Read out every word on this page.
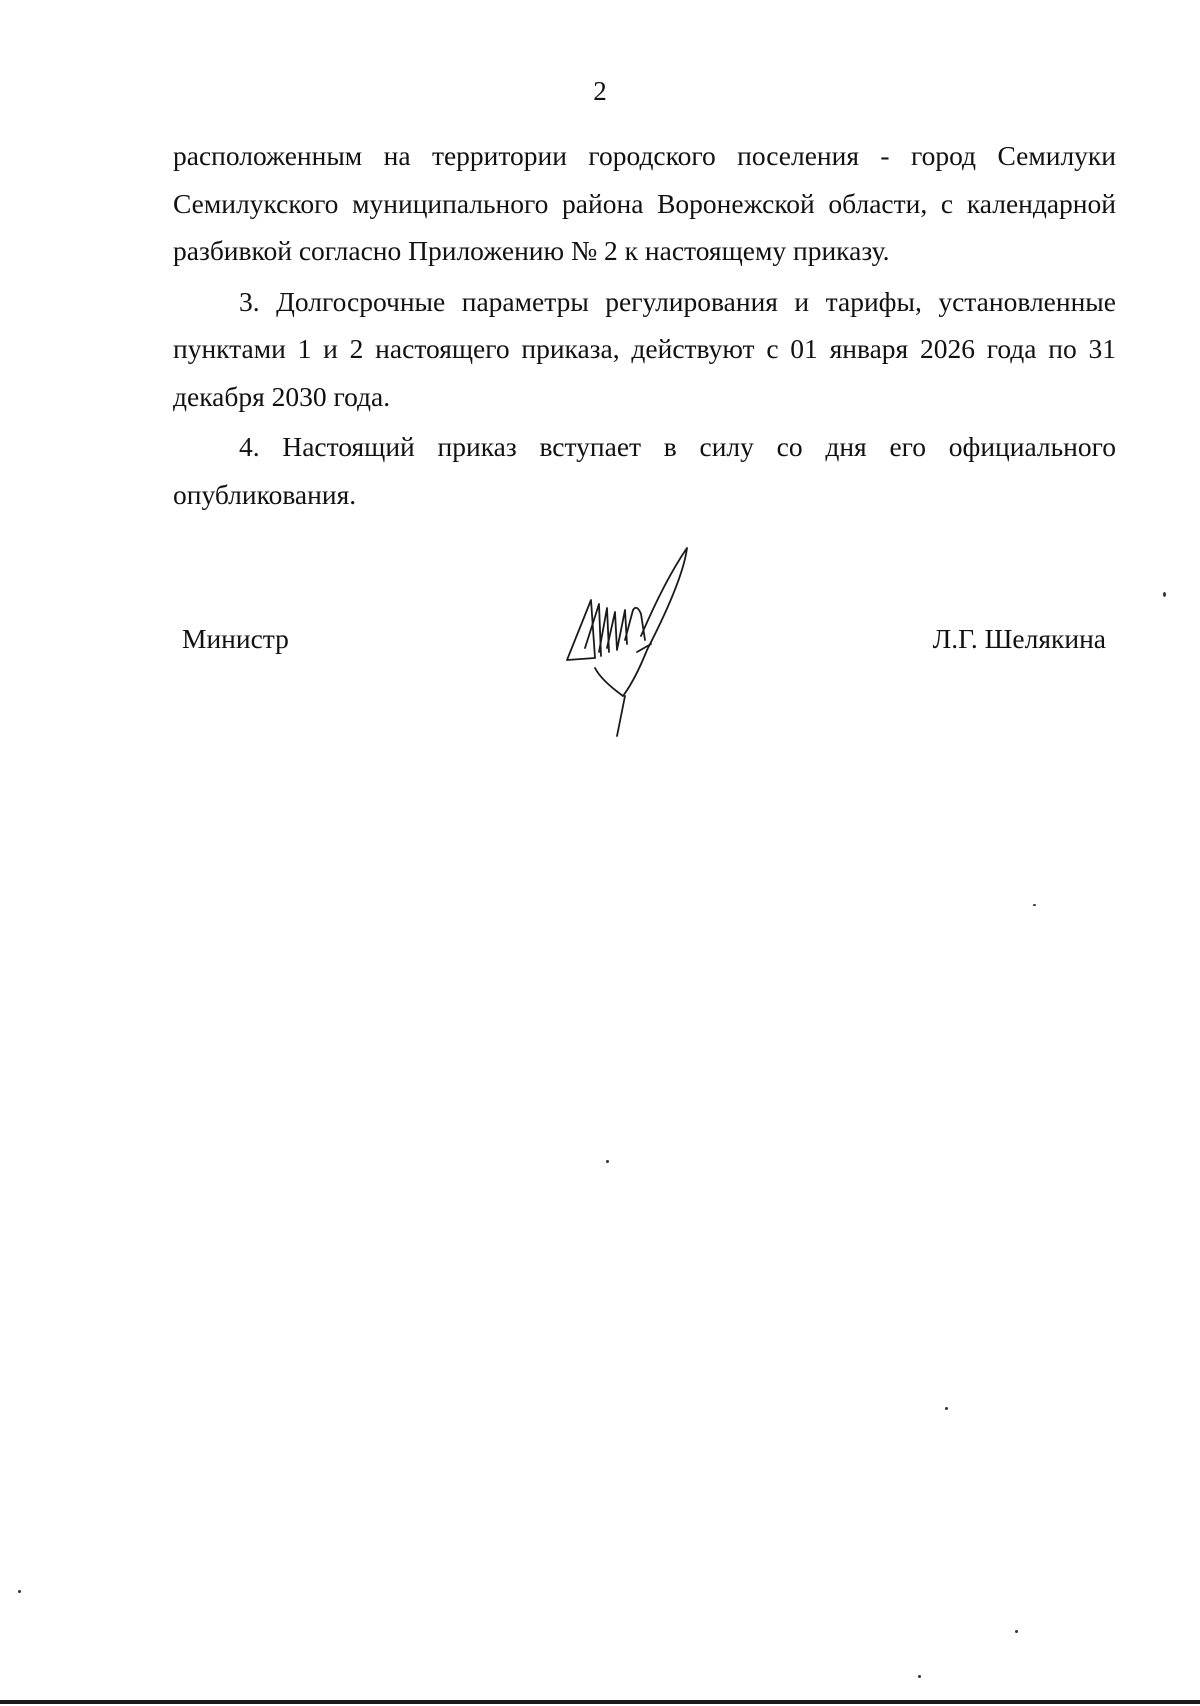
2

расположенным на территории городского поселения - город Семилуки Семилукского муниципального района Воронежской области, с календарной разбивкой согласно Приложению № 2 к настоящему приказу.

3. Долгосрочные параметры регулирования и тарифы, установленные пунктами 1 и 2 настоящего приказа, действуют с 01 января 2026 года по 31 декабря 2030 года.

4. Настоящий приказ вступает в силу со дня его официального опубликования.

Министр	Л.Г. Шелякина
